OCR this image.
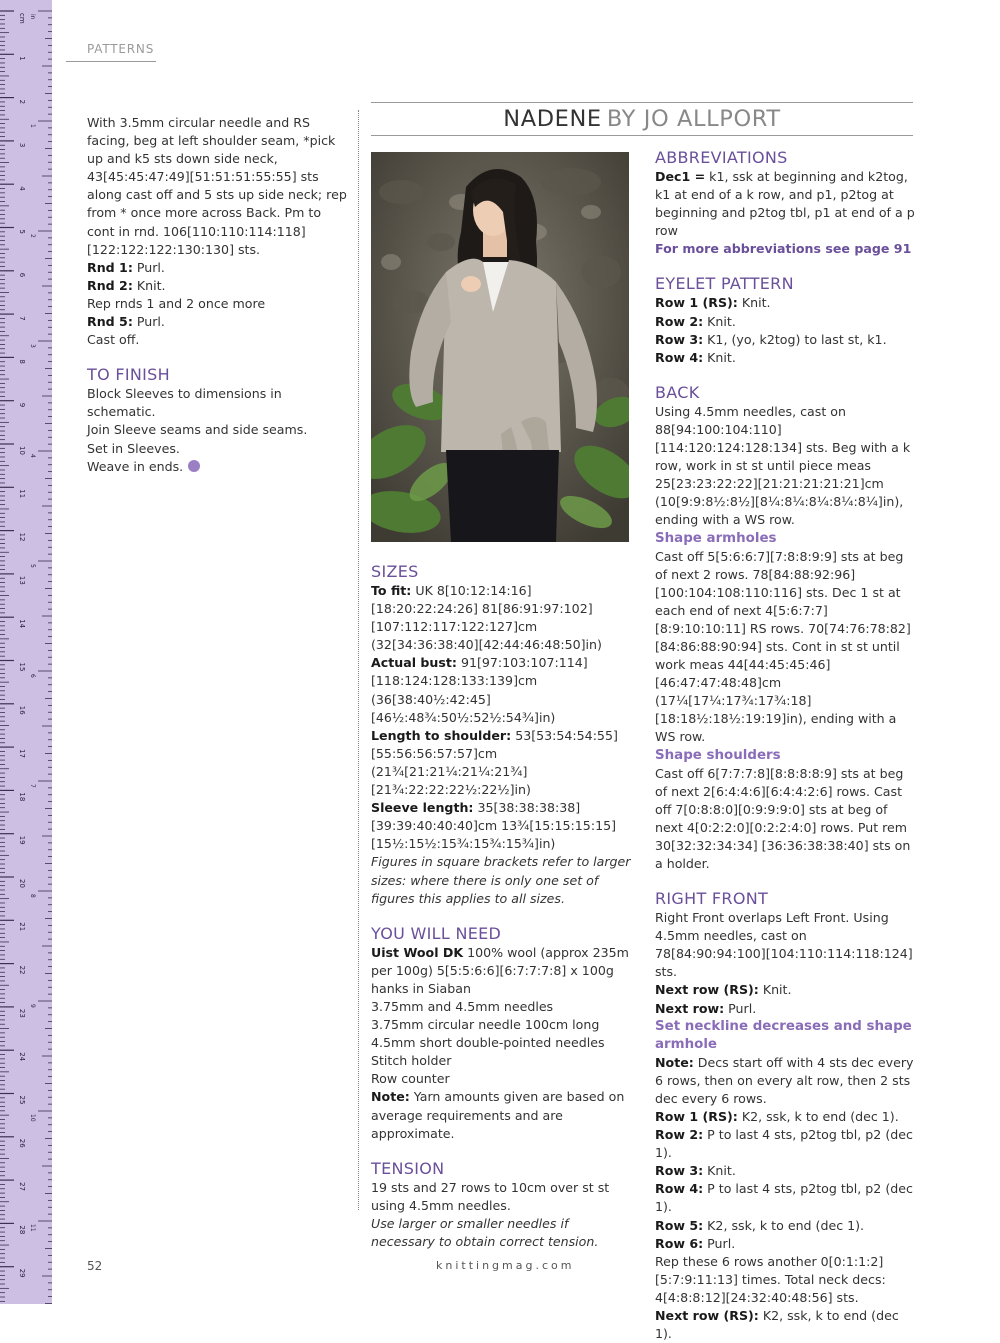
cm
1
2
3
4
5
6
7
8
9
10
11
12
13
14
15
16
17
18
19
20
21
22
23
24
25
26
27
28
29
in
1
2
3
4
5
6
7
8
9
10
11
PATTERNS

With 3.5mm circular needle and RS facing, beg at left shoulder seam, *pick up and k5 sts down side neck, 43[45:45:47:49][51:51:51:55:55] sts along cast off and 5 sts up side neck; rep from * once more across Back. Pm to cont in rnd. 106[110:110:114:118][122:122:122:130:130] sts.

Rnd 1: Purl.

Rnd 2: Knit.

Rep rnds 1 and 2 once more

Rnd 5: Purl.

Cast off.

TO FINISH

Block Sleeves to dimensions in schematic.

Join Sleeve seams and side seams.

Set in Sleeves.

Weave in ends.

NADENE BY JO ALLPORT
SIZES

To fit: UK 8[10:12:14:16][18:20:22:24:26] 81[86:91:97:102][107:112:117:122:127]cm (32[34:36:38:40][42:44:46:48:50]in)

Actual bust: 91[97:103:107:114] [118:124:128:133:139]cm (36[38:40½:42:45] [46½:48¾:50½:52½:54¾]in)

Length to shoulder: 53[53:54:54:55] [55:56:56:57:57]cm (21¾[21:21¼:21¼:21¾] [21¾:22:22:22½:22½]in)

Sleeve length: 35[38:38:38:38] [39:39:40:40:40]cm 13¾[15:15:15:15][15½:15½:15¾:15¾:15¾]in)

Figures in square brackets refer to larger sizes: where there is only one set of figures this applies to all sizes.

YOU WILL NEED

Uist Wool DK 100% wool (approx 235m per 100g) 5[5:5:6:6][6:7:7:7:8] x 100g hanks in Siaban

3.75mm and 4.5mm needles

3.75mm circular needle 100cm long

4.5mm short double-pointed needles

Stitch holder

Row counter

Note: Yarn amounts given are based on average requirements and are approximate.

TENSION

19 sts and 27 rows to 10cm over st st using 4.5mm needles.

Use larger or smaller needles if necessary to obtain correct tension.

ABBREVIATIONS

Dec1 = k1, ssk at beginning and k2tog, k1 at end of a k row, and p1, p2tog at beginning and p2tog tbl, p1 at end of a p row

For more abbreviations see page 91

EYELET PATTERN

Row 1 (RS): Knit.

Row 2: Knit.

Row 3: K1, (yo, k2tog) to last st, k1.

Row 4: Knit.

BACK

Using 4.5mm needles, cast on 88[94:100:104:110][114:120:124:128:134] sts. Beg with a k row, work in st st until piece meas 25[23:23:22:22][21:21:21:21:21]cm (10[9:9:8½:8½][8¼:8¼:8¼:8¼:8¼]in), ending with a WS row.

Shape armholes

Cast off 5[5:6:6:7][7:8:8:9:9] sts at beg of next 2 rows. 78[84:88:92:96] [100:104:108:110:116] sts. Dec 1 st at each end of next 4[5:6:7:7] [8:9:10:10:11] RS rows. 70[74:76:78:82] [84:86:88:90:94] sts. Cont in st st until work meas 44[44:45:45:46][46:47:47:48:48]cm (17¼[17¼:17¾:17¾:18][18:18½:18½:19:19]in), ending with a WS row.

Shape shoulders

Cast off 6[7:7:7:8][8:8:8:8:9] sts at beg of next 2[6:4:4:6][6:4:4:2:6] rows. Cast off 7[0:8:8:0][0:9:9:9:0] sts at beg of next 4[0:2:2:0][0:2:2:4:0] rows. Put rem 30[32:32:34:34] [36:36:38:38:40] sts on a holder.

RIGHT FRONT

Right Front overlaps Left Front. Using 4.5mm needles, cast on 78[84:90:94:100][104:110:114:118:124] sts.

Next row (RS): Knit.

Next row: Purl.

Set neckline decreases and shape armhole

Note: Decs start off with 4 sts dec every 6 rows, then on every alt row, then 2 sts dec every 6 rows.

Row 1 (RS): K2, ssk, k to end (dec 1).

Row 2: P to last 4 sts, p2tog tbl, p2 (dec 1).

Row 3: Knit.

Row 4: P to last 4 sts, p2tog tbl, p2 (dec 1).

Row 5: K2, ssk, k to end (dec 1).

Row 6: Purl.

Rep these 6 rows another 0[0:1:1:2] [5:7:9:11:13] times. Total neck decs: 4[4:8:8:12][24:32:40:48:56] sts.

Next row (RS): K2, ssk, k to end (dec 1).

52	knittingmag.com
